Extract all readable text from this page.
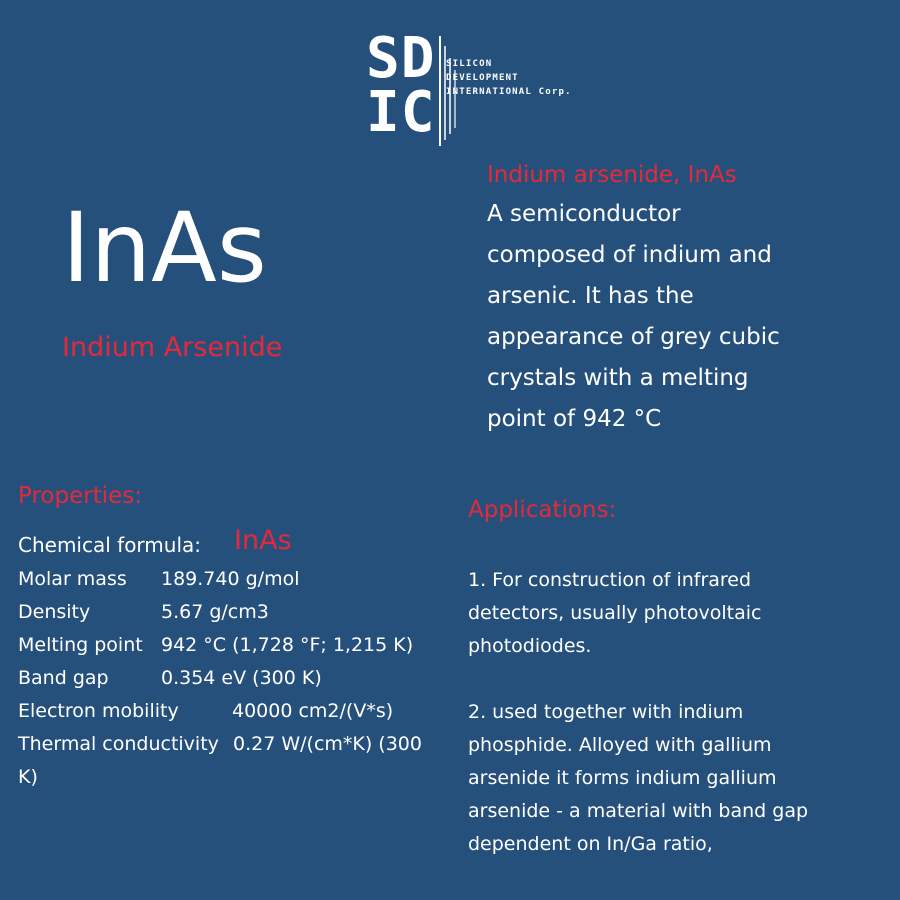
SD
IC
SILICON
DEVELOPMENT
INTERNATIONAL Corp.
InAs
Indium Arsenide
Indium arsenide, InAs
A semiconductor
composed of indium and
arsenic. It has the
appearance of grey cubic
crystals with a melting
point of 942 °C
Properties:
Chemical formula: InAs
Molar mass 189.740 g/mol
Density	5.67 g/cm3
Melting point 942 °C (1,728 °F; 1,215 K)
Band gap	0.354 eV (300 K)
Electron mobility	40000 cm2/(V*s)
Thermal conductivity 0.27 W/(cm*K) (300
K)
Applications:
1. For construction of infrared
detectors, usually photovoltaic
photodiodes.
2. used together with indium
phosphide. Alloyed with gallium
arsenide it forms indium gallium
arsenide - a material with band gap
dependent on In/Ga ratio,
